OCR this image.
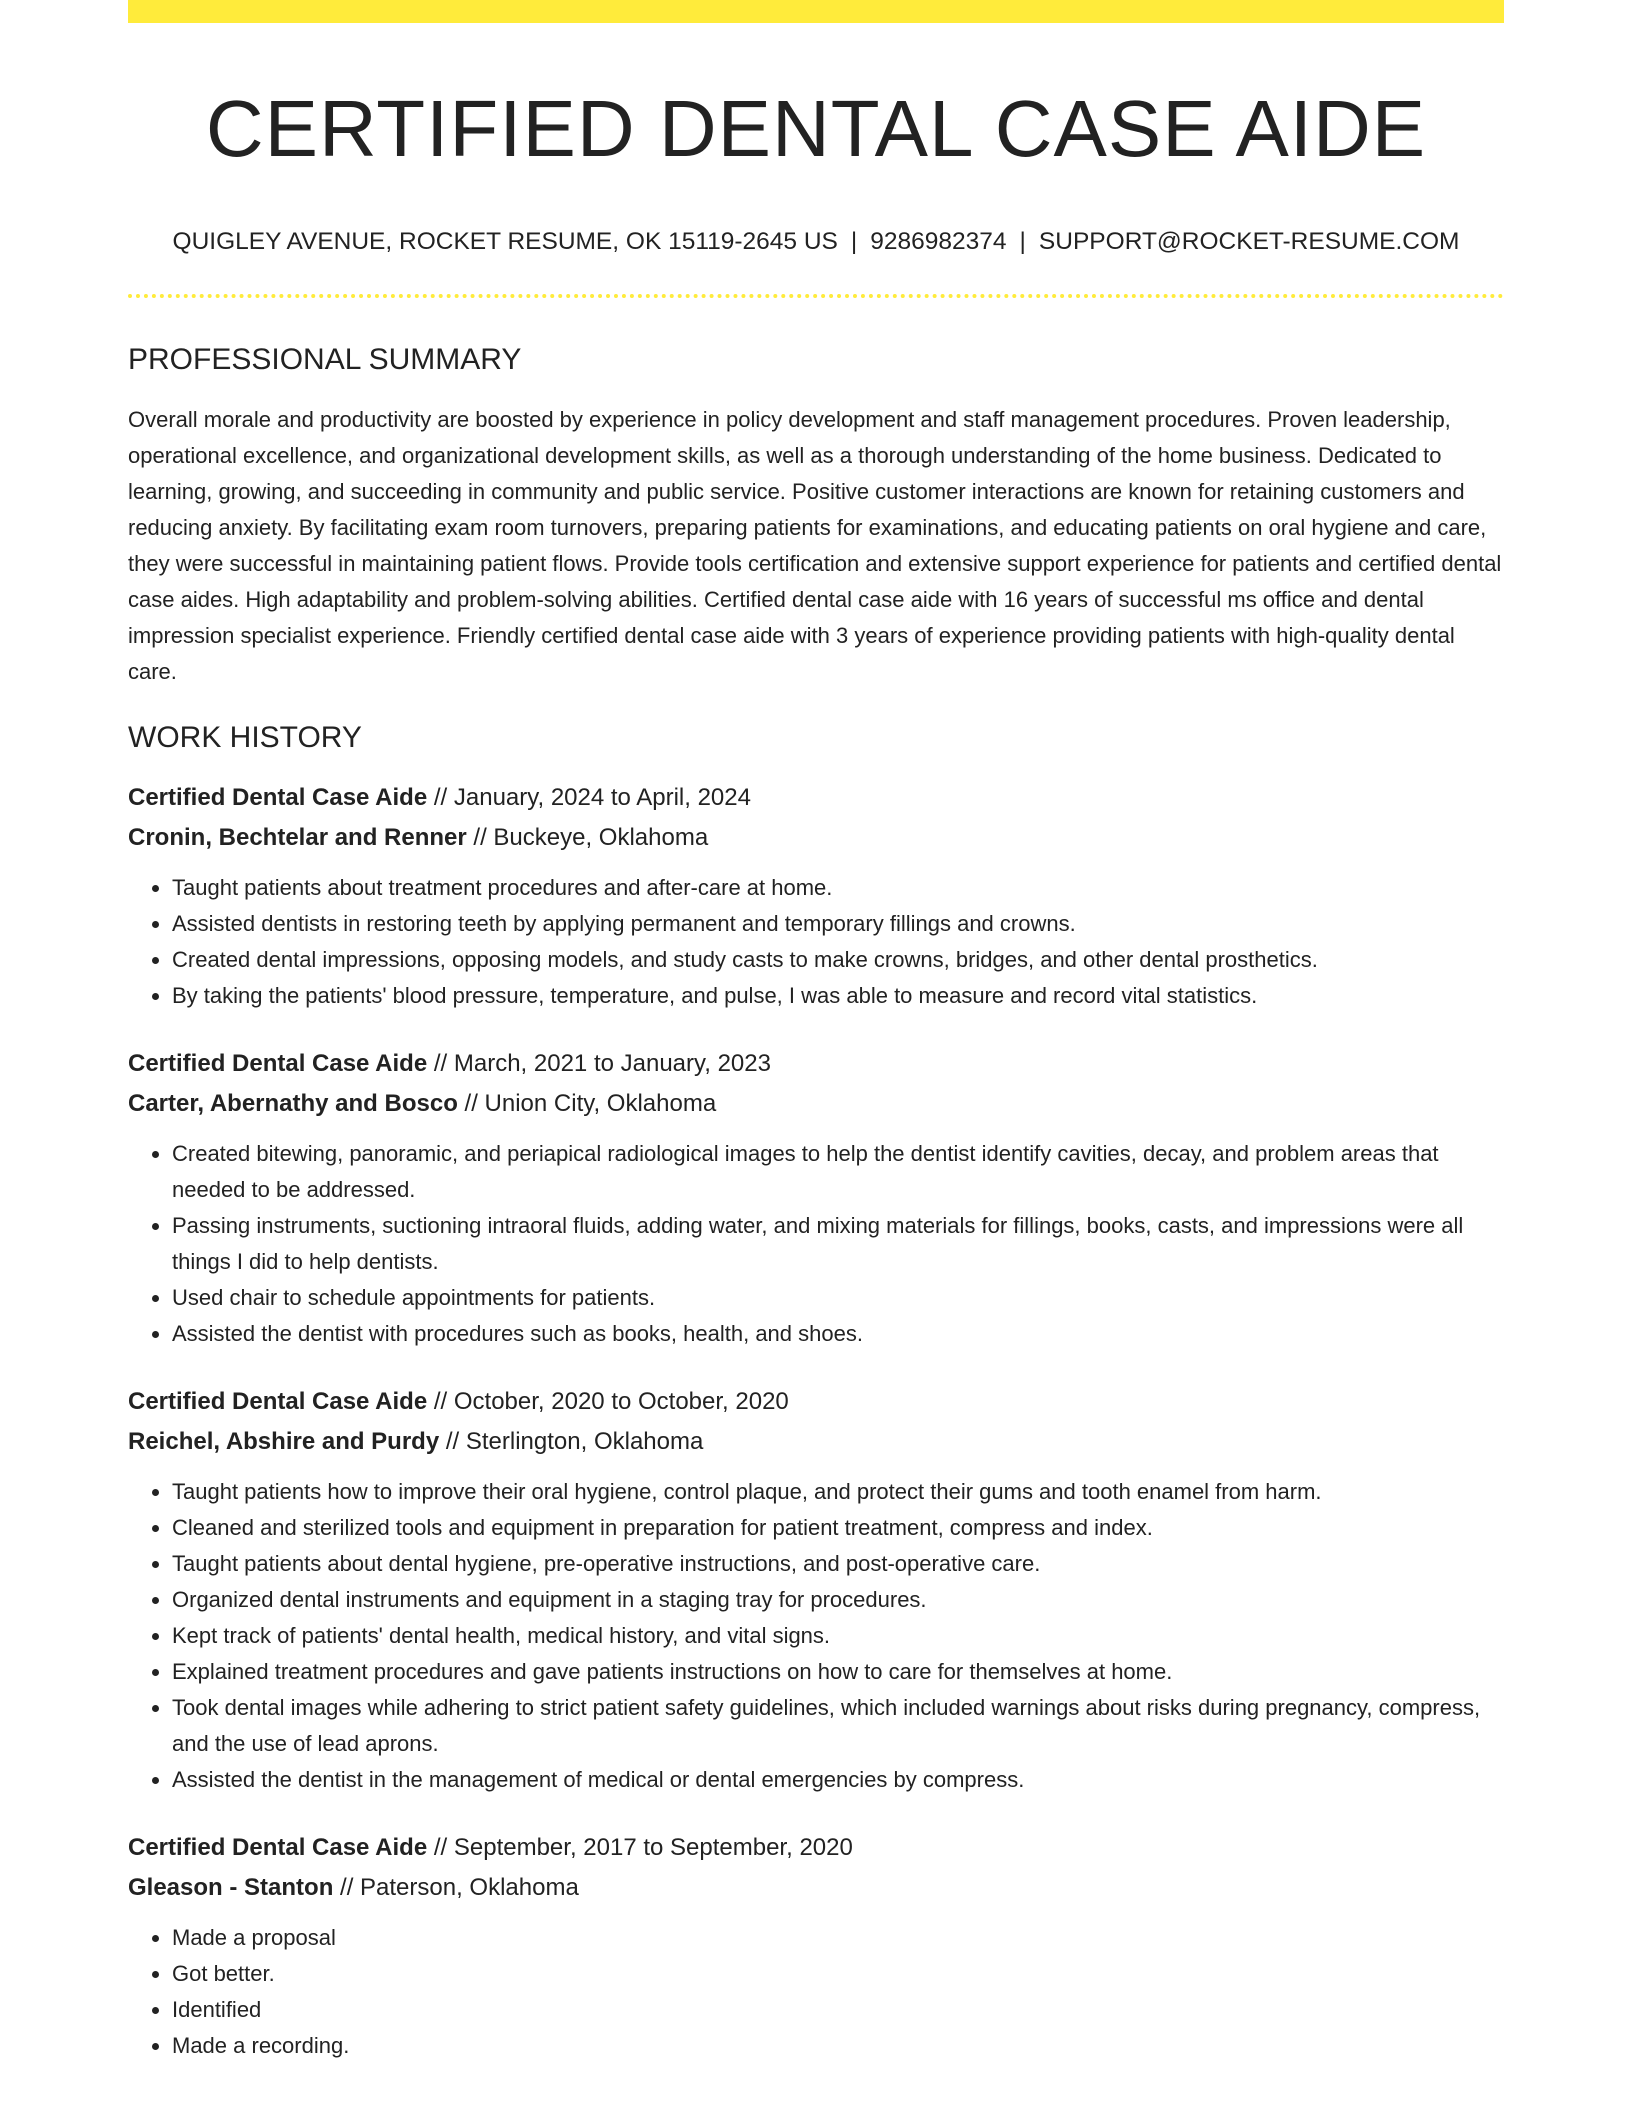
CERTIFIED DENTAL CASE AIDE
QUIGLEY AVENUE, ROCKET RESUME, OK 15119-2645 US | 9286982374 | SUPPORT@ROCKET-RESUME.COM
PROFESSIONAL SUMMARY

Overall morale and productivity are boosted by experience in policy development and staff management procedures. Proven leadership, operational excellence, and organizational development skills, as well as a thorough understanding of the home business. Dedicated to learning, growing, and succeeding in community and public service. Positive customer interactions are known for retaining customers and reducing anxiety. By facilitating exam room turnovers, preparing patients for examinations, and educating patients on oral hygiene and care, they were successful in maintaining patient flows. Provide tools certification and extensive support experience for patients and certified dental case aides. High adaptability and problem-solving abilities. Certified dental case aide with 16 years of successful ms office and dental impression specialist experience. Friendly certified dental case aide with 3 years of experience providing patients with high-quality dental care.

WORK HISTORY
Certified Dental Case Aide // January, 2024 to April, 2024
Cronin, Bechtelar and Renner // Buckeye, Oklahoma
• Taught patients about treatment procedures and after-care at home.
• Assisted dentists in restoring teeth by applying permanent and temporary fillings and crowns.
• Created dental impressions, opposing models, and study casts to make crowns, bridges, and other dental prosthetics.
• By taking the patients' blood pressure, temperature, and pulse, I was able to measure and record vital statistics.
Certified Dental Case Aide // March, 2021 to January, 2023
Carter, Abernathy and Bosco // Union City, Oklahoma
• Created bitewing, panoramic, and periapical radiological images to help the dentist identify cavities, decay, and problem areas that needed to be addressed.
• Passing instruments, suctioning intraoral fluids, adding water, and mixing materials for fillings, books, casts, and impressions were all things I did to help dentists.
• Used chair to schedule appointments for patients.
• Assisted the dentist with procedures such as books, health, and shoes.
Certified Dental Case Aide // October, 2020 to October, 2020
Reichel, Abshire and Purdy // Sterlington, Oklahoma
• Taught patients how to improve their oral hygiene, control plaque, and protect their gums and tooth enamel from harm.
• Cleaned and sterilized tools and equipment in preparation for patient treatment, compress and index.
• Taught patients about dental hygiene, pre-operative instructions, and post-operative care.
• Organized dental instruments and equipment in a staging tray for procedures.
• Kept track of patients' dental health, medical history, and vital signs.
• Explained treatment procedures and gave patients instructions on how to care for themselves at home.
• Took dental images while adhering to strict patient safety guidelines, which included warnings about risks during pregnancy, compress, and the use of lead aprons.
• Assisted the dentist in the management of medical or dental emergencies by compress.
Certified Dental Case Aide // September, 2017 to September, 2020
Gleason - Stanton // Paterson, Oklahoma
• Made a proposal
• Got better.
• Identified
• Made a recording.
